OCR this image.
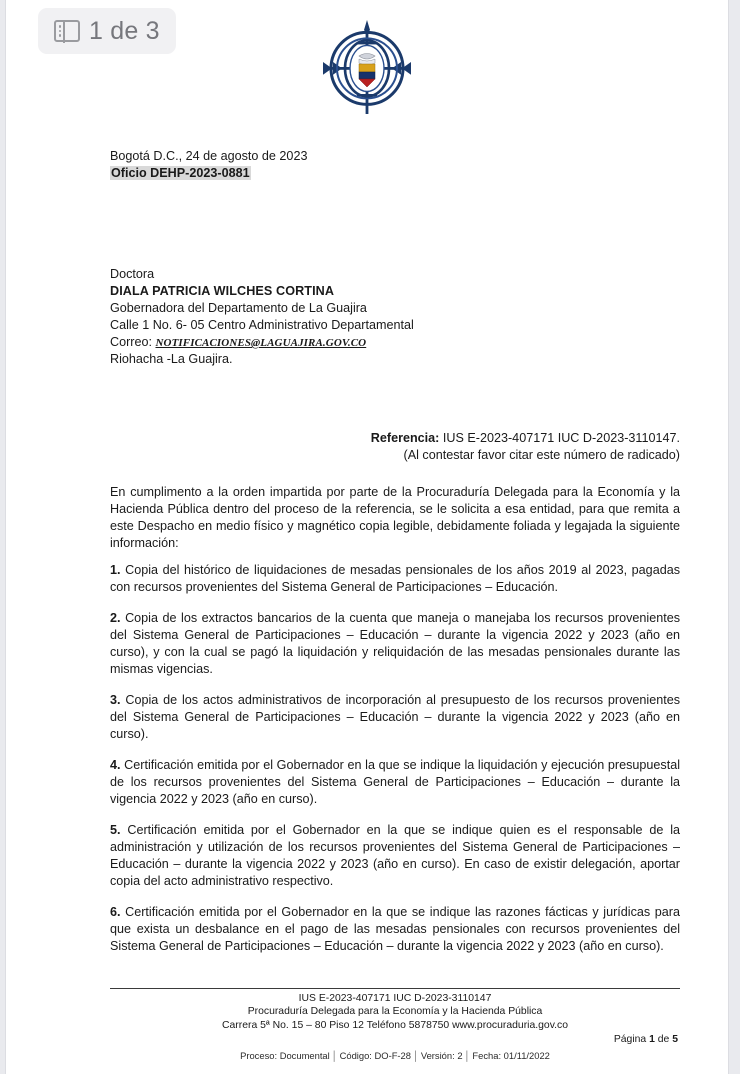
Bogotá D.C., 24 de agosto de 2023
Oficio DEHP-2023-0881
Doctora
DIALA PATRICIA WILCHES CORTINA
Gobernadora del Departamento de La Guajira
Calle 1 No. 6- 05 Centro Administrativo Departamental
Correo: NOTIFICACIONES@LAGUAJIRA.GOV.CO
Riohacha -La Guajira.
Referencia: IUS E-2023-407171 IUC D-2023-3110147.
(Al contestar favor citar este número de radicado)
En cumplimento a la orden impartida por parte de la Procuraduría Delegada para la Economía y la Hacienda Pública dentro del proceso de la referencia, se le solicita a esa entidad, para que remita a este Despacho en medio físico y magnético copia legible, debidamente foliada y legajada la siguiente información:
1. Copia del histórico de liquidaciones de mesadas pensionales de los años 2019 al 2023, pagadas con recursos provenientes del Sistema General de Participaciones – Educación.
2. Copia de los extractos bancarios de la cuenta que maneja o manejaba los recursos provenientes del Sistema General de Participaciones – Educación – durante la vigencia 2022 y 2023 (año en curso), y con la cual se pagó la liquidación y reliquidación de las mesadas pensionales durante las mismas vigencias.
3. Copia de los actos administrativos de incorporación al presupuesto de los recursos provenientes del Sistema General de Participaciones – Educación – durante la vigencia 2022 y 2023 (año en curso).
4. Certificación emitida por el Gobernador en la que se indique la liquidación y ejecución presupuestal de los recursos provenientes del Sistema General de Participaciones – Educación – durante la vigencia 2022 y 2023 (año en curso).
5. Certificación emitida por el Gobernador en la que se indique quien es el responsable de la administración y utilización de los recursos provenientes del Sistema General de Participaciones – Educación – durante la vigencia 2022 y 2023 (año en curso). En caso de existir delegación, aportar copia del acto administrativo respectivo.
6. Certificación emitida por el Gobernador en la que se indique las razones fácticas y jurídicas para que exista un desbalance en el pago de las mesadas pensionales con recursos provenientes del Sistema General de Participaciones – Educación – durante la vigencia 2022 y 2023 (año en curso).
IUS E-2023-407171 IUC D-2023-3110147
Procuraduría Delegada para la Economía y la Hacienda Pública
Carrera 5ª No. 15 – 80 Piso 12 Teléfono 5878750 www.procuraduria.gov.co
Página 1 de 5
Proceso: Documental │ Código: DO-F-28 │ Versión: 2 │ Fecha: 01/11/2022
1 de 3
